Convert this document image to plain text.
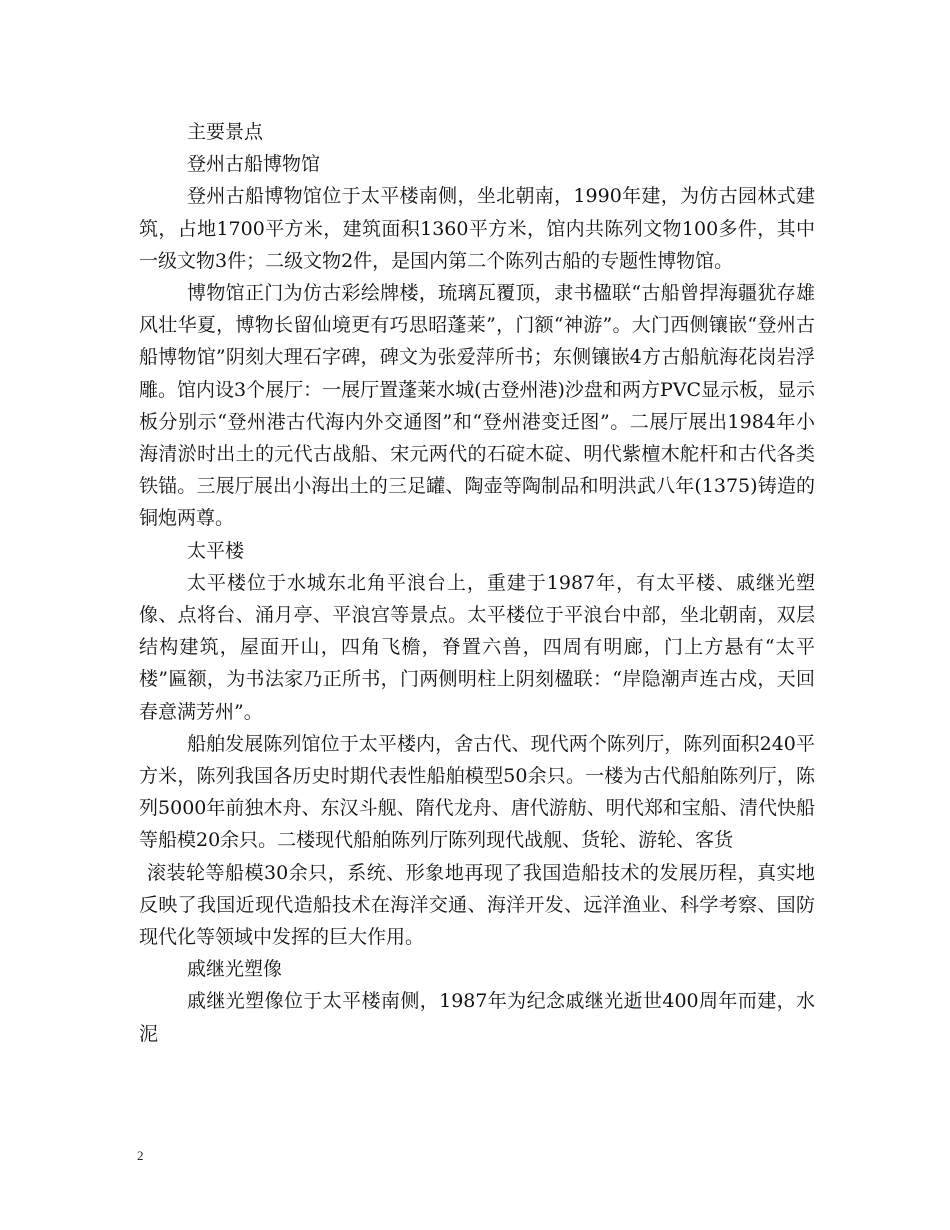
主要景点
登州古船博物馆
登州古船博物馆位于太平楼南侧，坐北朝南，1990年建，为仿古园林式建筑，占地1700平方米，建筑面积1360平方米，馆内共陈列文物100多件，其中一级文物3件；二级文物2件，是国内第二个陈列古船的专题性博物馆。
博物馆正门为仿古彩绘牌楼，琉璃瓦覆顶，隶书楹联“古船曾捍海疆犹存雄风壮华夏，博物长留仙境更有巧思昭蓬莱”，门额“神游”。大门西侧镶嵌“登州古船博物馆”阴刻大理石字碑，碑文为张爱萍所书；东侧镶嵌4方古船航海花岗岩浮雕。馆内设3个展厅：一展厅置蓬莱水城(古登州港)沙盘和两方PVC显示板，显示板分别示“登州港古代海内外交通图”和“登州港变迁图”。二展厅展出1984年小海清淤时出土的元代古战船、宋元两代的石碇木碇、明代紫檀木舵杆和古代各类铁锚。三展厅展出小海出土的三足罐、陶壶等陶制品和明洪武八年(1375)铸造的铜炮两尊。
太平楼
太平楼位于水城东北角平浪台上，重建于1987年，有太平楼、戚继光塑像、点将台、涌月亭、平浪宫等景点。太平楼位于平浪台中部，坐北朝南，双层结构建筑，屋面开山，四角飞檐，脊置六兽，四周有明廊，门上方悬有“太平楼”匾额，为书法家乃正所书，门两侧明柱上阴刻楹联：“岸隐潮声连古戍，天回春意满芳州”。
船舶发展陈列馆位于太平楼内，舍古代、现代两个陈列厅，陈列面积240平方米，陈列我国各历史时期代表性船舶模型50余只。一楼为古代船舶陈列厅，陈列5000年前独木舟、东汉斗舰、隋代龙舟、唐代游舫、明代郑和宝船、清代快船等船模20余只。二楼现代船舶陈列厅陈列现代战舰、货轮、游轮、客货
滚装轮等船模30余只，系统、形象地再现了我国造船技术的发展历程，真实地反映了我国近现代造船技术在海洋交通、海洋开发、远洋渔业、科学考察、国防现代化等领域中发挥的巨大作用。
戚继光塑像
戚继光塑像位于太平楼南侧，1987年为纪念戚继光逝世400周年而建，水泥
2
